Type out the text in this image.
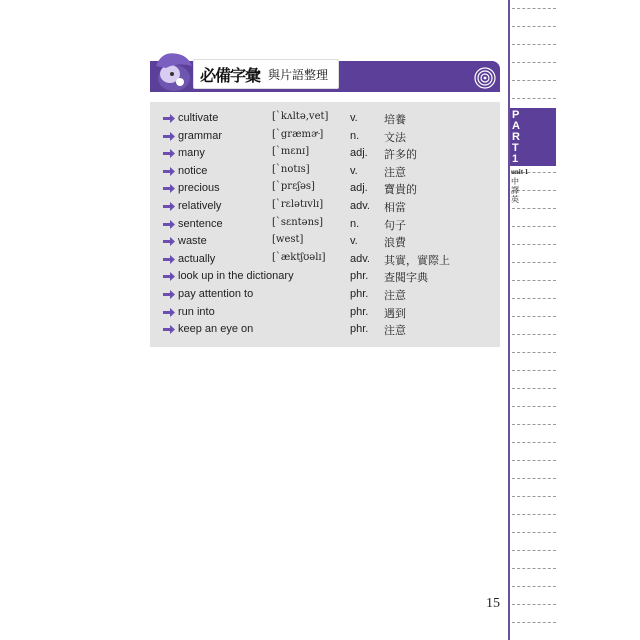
P
A
R
T
1
unit 1
中譯英
必備字彙 與片語整理
cultivate	[ˋkʌltə,vet] v. 培養
grammar	[ˋgræmɚ] n. 文法
many	[ˋmɛnɪ]	adj. 許多的
notice	[ˋnotɪs]	v. 注意
precious	[ˋprɛʃəs]	adj. 寶貴的
relatively	[ˋrɛlətɪvlɪ] adv. 相當
sentence	[ˋsɛntəns] n. 句子
waste	[west]	v. 浪費
actually	[ˋæktʃʊəlɪ] adv. 其實，實際上
look up in the dictionary	phr. 查閱字典
pay attention to	phr. 注意
run into	phr. 遇到
keep an eye on	phr. 注意
15
